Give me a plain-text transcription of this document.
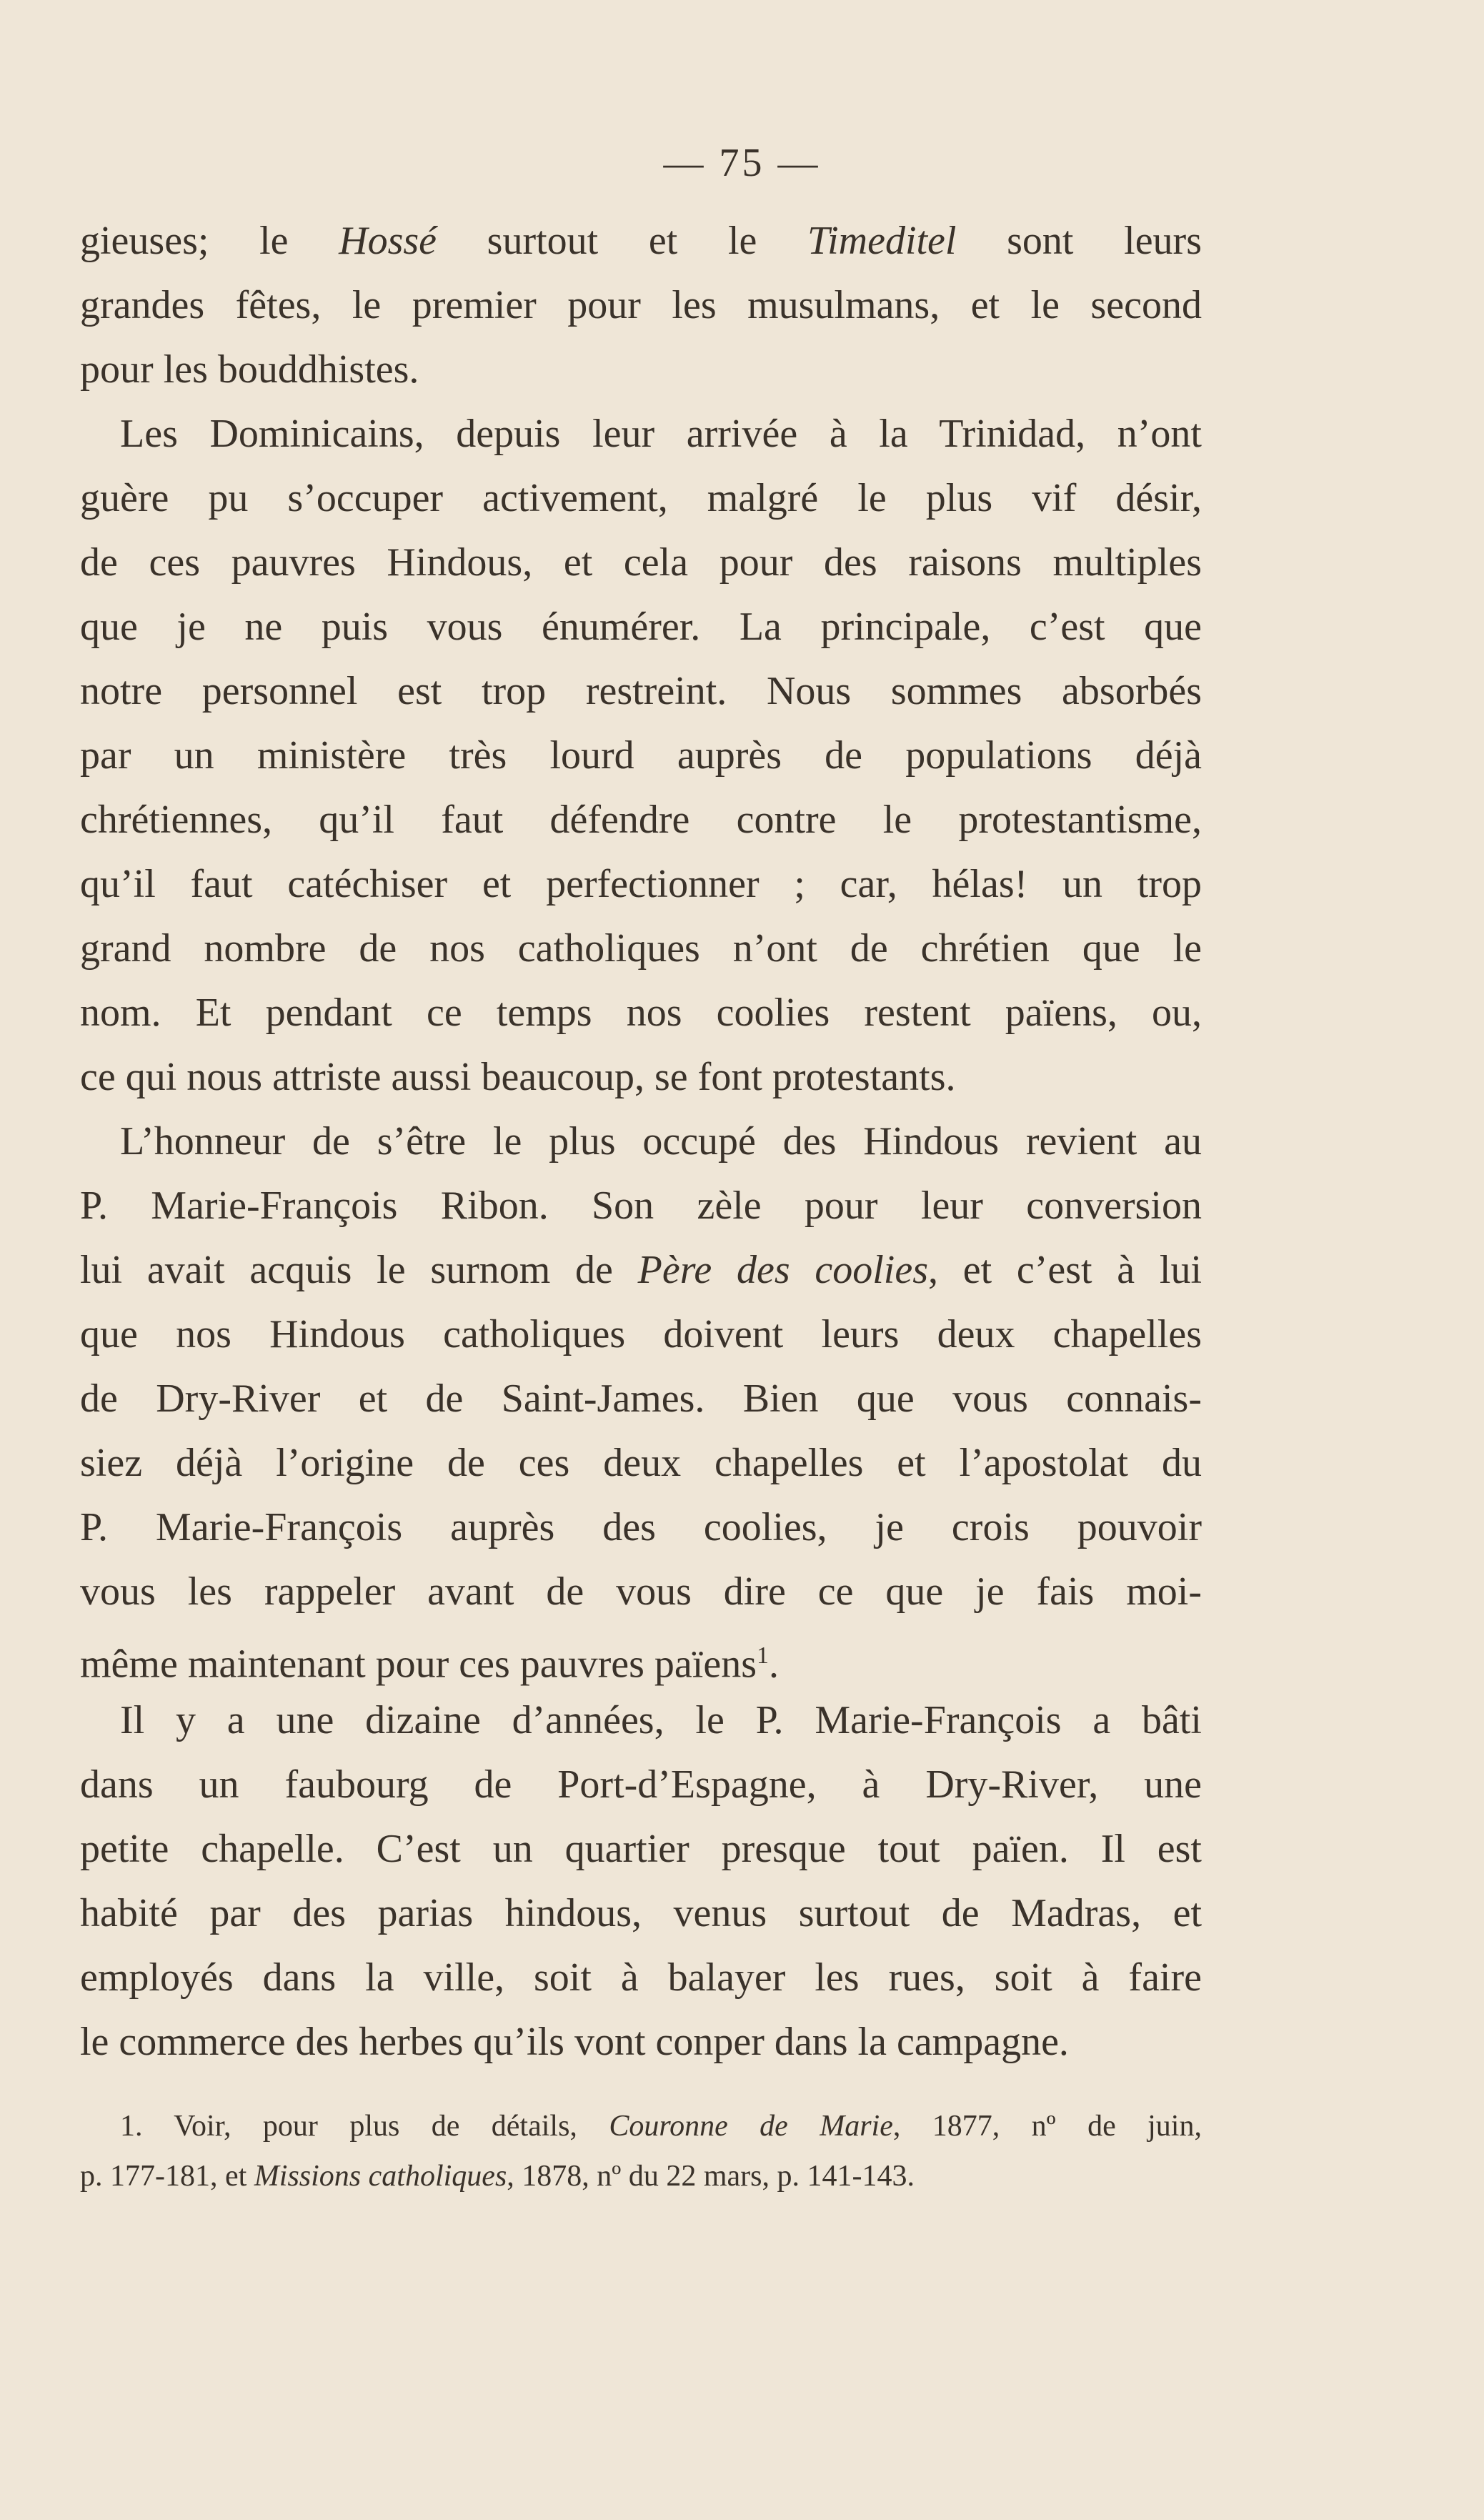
— 75 —
gieuses; le Hossé surtout et le Timeditel sont leurs
grandes fêtes, le premier pour les musulmans, et le second
pour les bouddhistes.
Les Dominicains, depuis leur arrivée à la Trinidad, n’ont
guère pu s’occuper activement, malgré le plus vif désir,
de ces pauvres Hindous, et cela pour des raisons multiples
que je ne puis vous énumérer. La principale, c’est que
notre personnel est trop restreint. Nous sommes absorbés
par un ministère très lourd auprès de populations déjà
chrétiennes, qu’il faut défendre contre le protestantisme,
qu’il faut catéchiser et perfectionner ; car, hélas! un trop
grand nombre de nos catholiques n’ont de chrétien que le
nom. Et pendant ce temps nos coolies restent païens, ou,
ce qui nous attriste aussi beaucoup, se font protestants.
L’honneur de s’être le plus occupé des Hindous revient au
P. Marie-François Ribon. Son zèle pour leur conversion
lui avait acquis le surnom de Père des coolies, et c’est à lui
que nos Hindous catholiques doivent leurs deux chapelles
de Dry-River et de Saint-James. Bien que vous connais-
siez déjà l’origine de ces deux chapelles et l’apostolat du
P. Marie-François auprès des coolies, je crois pouvoir
vous les rappeler avant de vous dire ce que je fais moi-
même maintenant pour ces pauvres païens$^1$.
Il y a une dizaine d’années, le P. Marie-François a bâti
dans un faubourg de Port-d’Espagne, à Dry-River, une
petite chapelle. C’est un quartier presque tout païen. Il est
habité par des parias hindous, venus surtout de Madras, et
employés dans la ville, soit à balayer les rues, soit à faire
le commerce des herbes qu’ils vont conper dans la campagne.
1. Voir, pour plus de détails, Couronne de Marie, 1877, nº de juin,
p. 177-181, et Missions catholiques, 1878, nº du 22 mars, p. 141-143.
